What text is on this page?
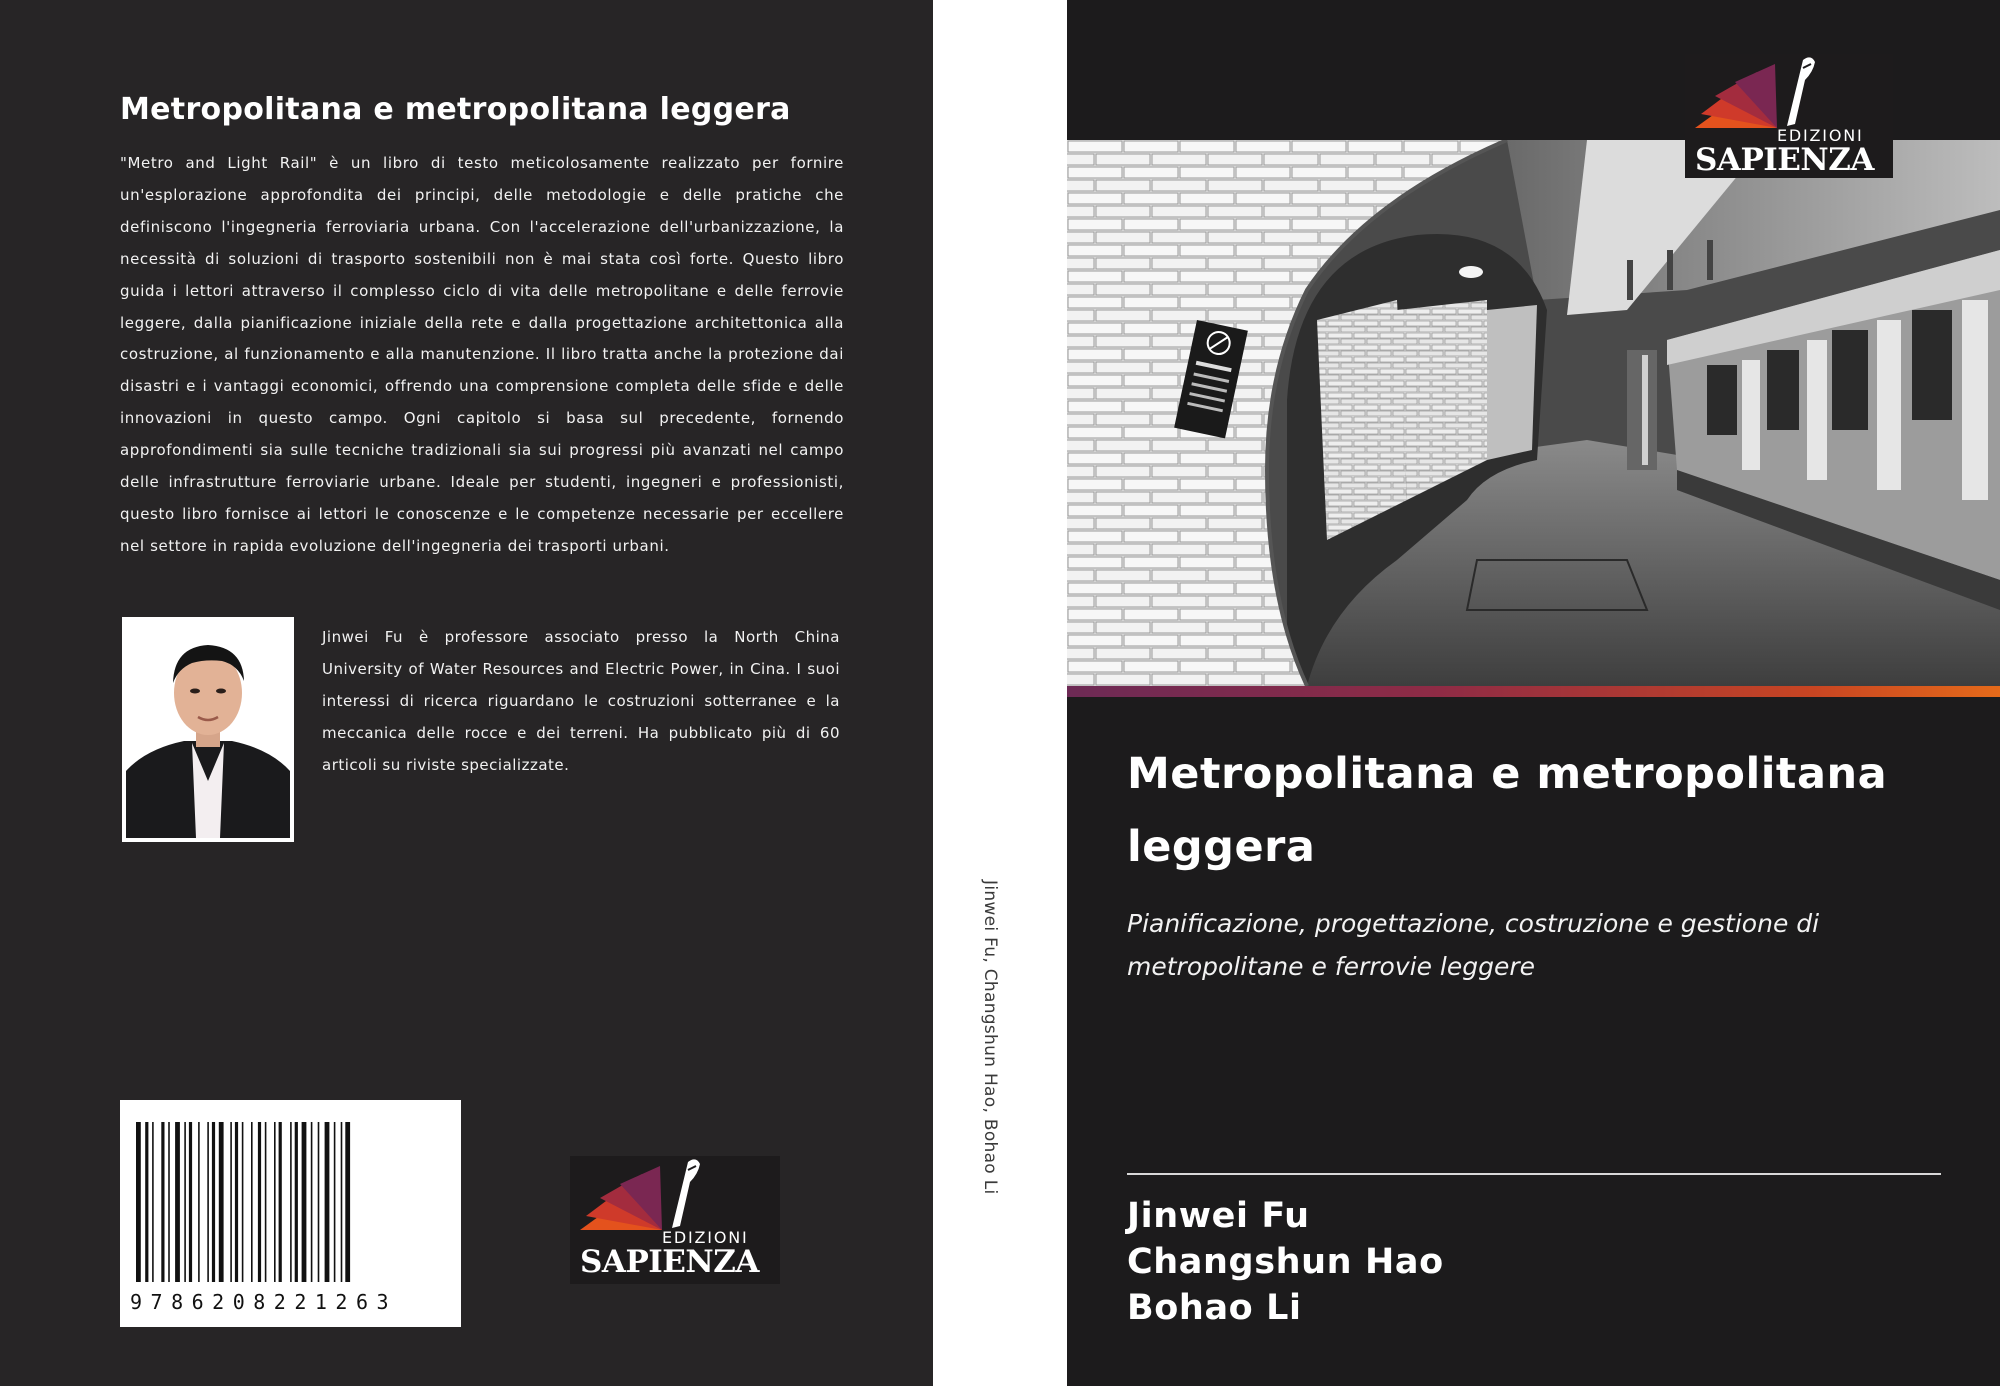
Metropolitana e metropolitana leggera
"Metro and Light Rail" è un libro di testo meticolosamente realizzato per fornire un'esplorazione approfondita dei principi, delle metodologie e delle pratiche che definiscono l'ingegneria ferroviaria urbana. Con l'accelerazione dell'urbanizzazione, la necessità di soluzioni di trasporto sostenibili non è mai stata così forte. Questo libro guida i lettori attraverso il complesso ciclo di vita delle metropolitane e delle ferrovie leggere, dalla pianificazione iniziale della rete e dalla progettazione architettonica alla costruzione, al funzionamento e alla manutenzione. Il libro tratta anche la protezione dai disastri e i vantaggi economici, offrendo una comprensione completa delle sfide e delle innovazioni in questo campo. Ogni capitolo si basa sul precedente, fornendo approfondimenti sia sulle tecniche tradizionali sia sui progressi più avanzati nel campo delle infrastrutture ferroviarie urbane. Ideale per studenti, ingegneri e professionisti, questo libro fornisce ai lettori le conoscenze e le competenze necessarie per eccellere nel settore in rapida evoluzione dell'ingegneria dei trasporti urbani.
Jinwei Fu è professore associato presso la North China University of Water Resources and Electric Power, in Cina. I suoi interessi di ricerca riguardano le costruzioni sotterranee e la meccanica delle rocce e dei terreni. Ha pubblicato più di 60 articoli su riviste specializzate.
9786208221263
EDIZIONI
SAPIENZA
Jinwei Fu, Changshun Hao, Bohao Li
EDIZIONI
SAPIENZA
Metropolitana e metropolitana leggera
Pianificazione, progettazione, costruzione e gestione di metropolitane e ferrovie leggere
Jinwei Fu
Changshun Hao
Bohao Li
